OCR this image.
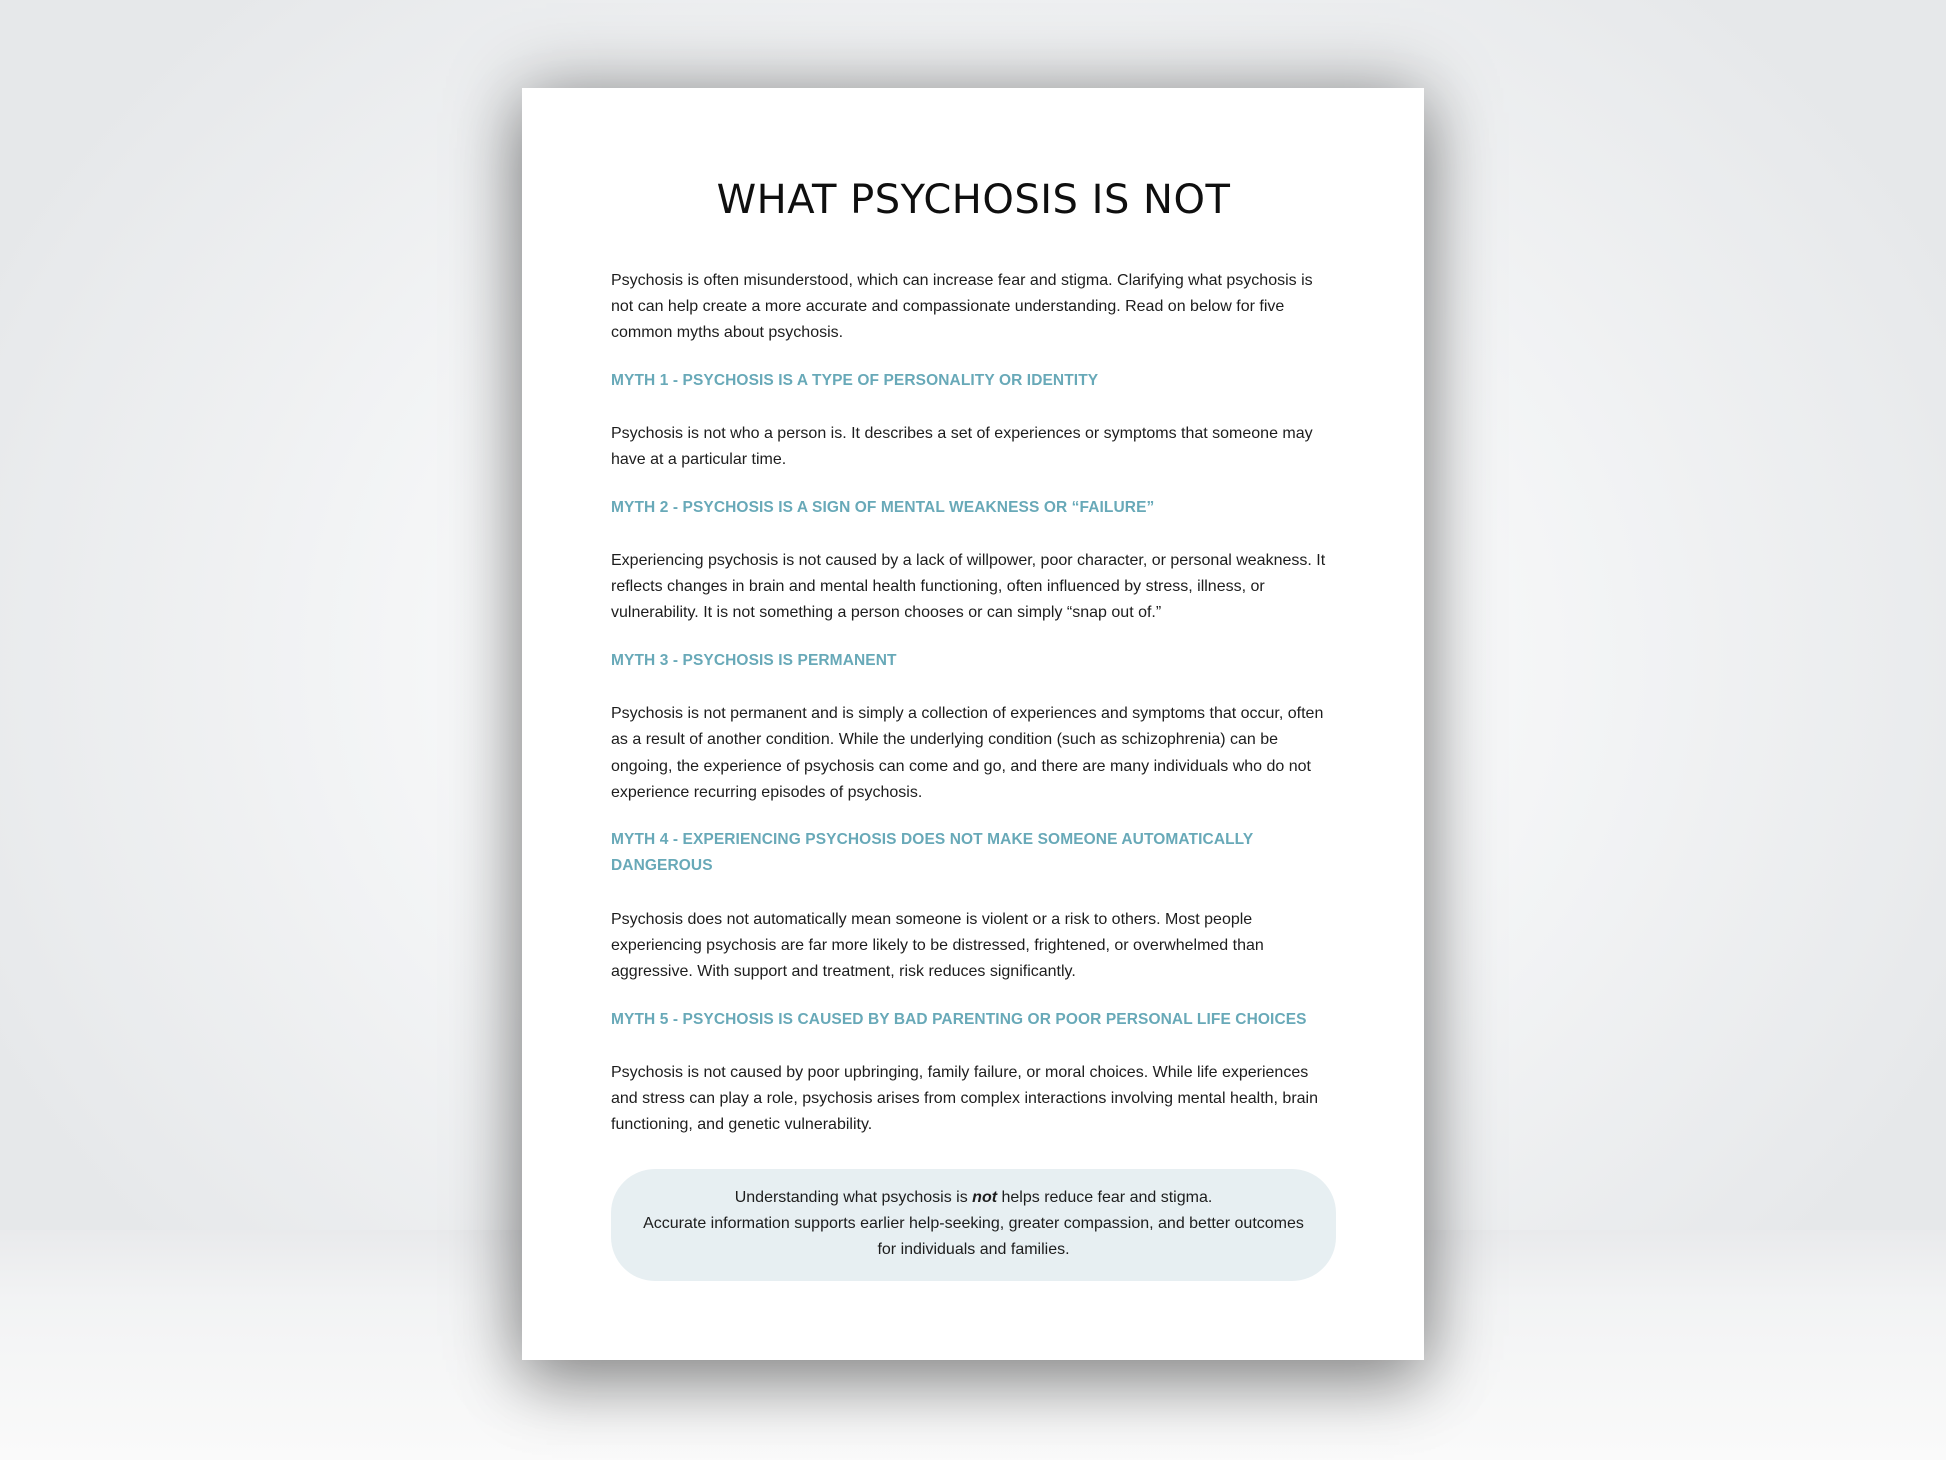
WHAT PSYCHOSIS IS NOT

Psychosis is often misunderstood, which can increase fear and stigma. Clarifying what psychosis is not can help create a more accurate and compassionate understanding. Read on below for five common myths about psychosis.

MYTH 1 - PSYCHOSIS IS A TYPE OF PERSONALITY OR IDENTITY

Psychosis is not who a person is. It describes a set of experiences or symptoms that someone may have at a particular time.

MYTH 2 - PSYCHOSIS IS A SIGN OF MENTAL WEAKNESS OR “FAILURE”

Experiencing psychosis is not caused by a lack of willpower, poor character, or personal weakness. It reflects changes in brain and mental health functioning, often influenced by stress, illness, or vulnerability. It is not something a person chooses or can simply “snap out of.”

MYTH 3 - PSYCHOSIS IS PERMANENT

Psychosis is not permanent and is simply a collection of experiences and symptoms that occur, often as a result of another condition. While the underlying condition (such as schizophrenia) can be ongoing, the experience of psychosis can come and go, and there are many individuals who do not experience recurring episodes of psychosis.

MYTH 4 - EXPERIENCING PSYCHOSIS DOES NOT MAKE SOMEONE AUTOMATICALLY DANGEROUS

Psychosis does not automatically mean someone is violent or a risk to others. Most people experiencing psychosis are far more likely to be distressed, frightened, or overwhelmed than aggressive. With support and treatment, risk reduces significantly.

MYTH 5 - PSYCHOSIS IS CAUSED BY BAD PARENTING OR POOR PERSONAL LIFE CHOICES

Psychosis is not caused by poor upbringing, family failure, or moral choices. While life experiences and stress can play a role, psychosis arises from complex interactions involving mental health, brain functioning, and genetic vulnerability.

Understanding what psychosis is not helps reduce fear and stigma.
Accurate information supports earlier help-seeking, greater compassion, and better outcomes for individuals and families.
